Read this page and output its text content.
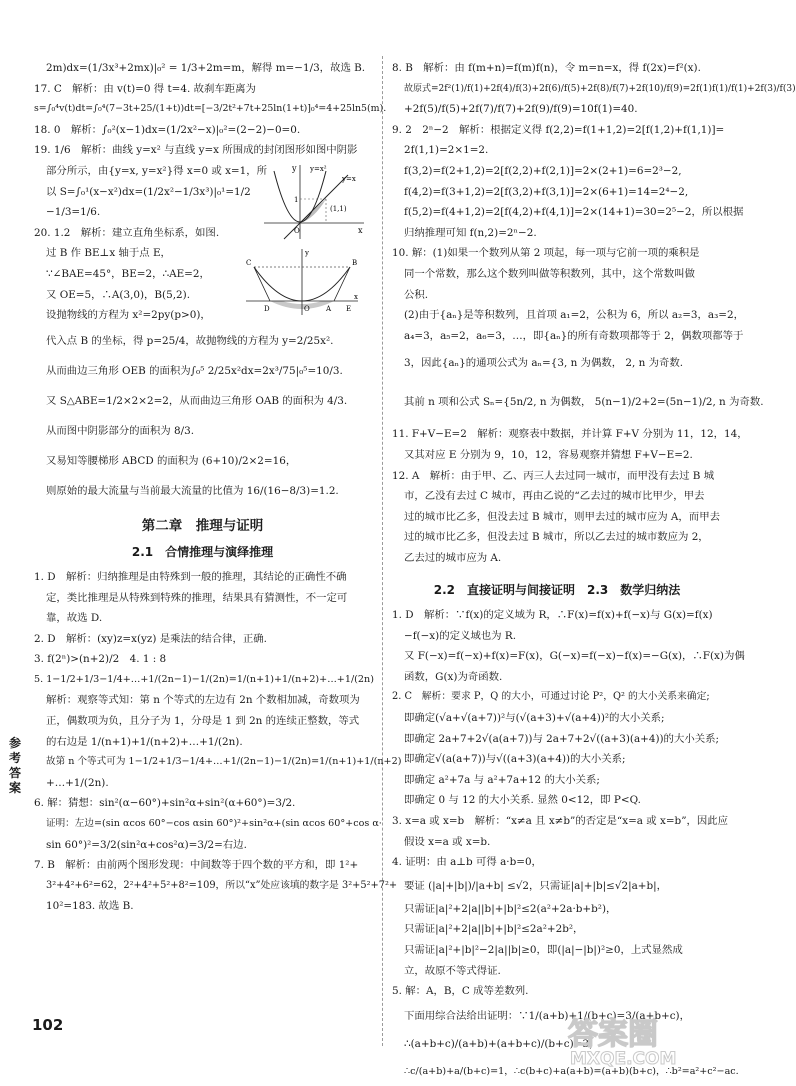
2m)dx=(1/3x³+2mx)|₀² = 1/3+2m=m，解得 m=−1/3，故选 B.

17. C　解析：由 v(t)=0 得 t=4. 故刹车距离为

s=∫₀⁴v(t)dt=∫₀⁴(7−3t+25/(1+t))dt=[−3/2t²+7t+25ln(1+t)]₀⁴=4+25ln5(m).

18. 0　解析：∫₀²(x−1)dx=(1/2x²−x)|₀²=(2−2)−0=0.

19. 1/6　解析：曲线 y=x² 与直线 y=x 所围成的封闭图形如图中阴影

y y=x²
y=x
(1,1)
1
O	x

部分所示，由{y=x, y=x²}得 x=0 或 x=1，所

以 S=∫₀¹(x−x²)dx=(1/2x²−1/3x³)|₀¹=1/2

−1/3=1/6.

20. 1.2　解析：建立直角坐标系，如图.

C	B
A
D	E
O
x
y

过 B 作 BE⊥x 轴于点 E，

∵∠BAE=45°，BE=2，∴AE=2，

又 OE=5，∴A(3,0)，B(5,2).

设抛物线的方程为 x²=2py(p>0)，

代入点 B 的坐标，得 p=25/4，故抛物线的方程为 y=2/25x².

从而曲边三角形 OEB 的面积为∫₀⁵ 2/25x²dx=2x³/75|₀⁵=10/3.

又 S△ABE=1/2×2×2=2，从而曲边三角形 OAB 的面积为 4/3.

从而图中阴影部分的面积为 8/3.

又易知等腰梯形 ABCD 的面积为 (6+10)/2×2=16，

则原始的最大流量与当前最大流量的比值为 16/(16−8/3)=1.2.

第二章　推理与证明
2.1　合情推理与演绎推理

1. D　解析：归纳推理是由特殊到一般的推理，其结论的正确性不确

定，类比推理是从特殊到特殊的推理，结果具有猜测性，不一定可

靠，故选 D.

2. D　解析：(xy)z=x(yz) 是乘法的结合律，正确.

3. f(2ⁿ)>(n+2)/2　4. 1 : 8

5. 1−1/2+1/3−1/4+…+1/(2n−1)−1/(2n)=1/(n+1)+1/(n+2)+…+1/(2n)

解析：观察等式知：第 n 个等式的左边有 2n 个数相加减，奇数项为

正，偶数项为负，且分子为 1，分母是 1 到 2n 的连续正整数，等式

的右边是 1/(n+1)+1/(n+2)+…+1/(2n).

故第 n 个等式可为 1−1/2+1/3−1/4+…+1/(2n−1)−1/(2n)=1/(n+1)+1/(n+2)

+…+1/(2n).

6. 解：猜想：sin²(α−60°)+sin²α+sin²(α+60°)=3/2.

证明：左边=(sin αcos 60°−cos αsin 60°)²+sin²α+(sin αcos 60°+cos α·

sin 60°)²=3/2(sin²α+cos²α)=3/2=右边.

7. B　解析：由前两个图形发现：中间数等于四个数的平方和，即 1²+

3²+4²+6²=62，2²+4²+5²+8²=109，所以“x”处应该填的数字是 3²+5²+7²+

10²=183. 故选 B.

8. B　解析：由 f(m+n)=f(m)f(n)，令 m=n=x，得 f(2x)=f²(x).

故原式=2f²(1)/f(1)+2f(4)/f(3)+2f(6)/f(5)+2f(8)/f(7)+2f(10)/f(9)=2f(1)f(1)/f(1)+2f(3)/f(3)

+2f(5)/f(5)+2f(7)/f(7)+2f(9)/f(9)=10f(1)=40.

9. 2　2ⁿ−2　解析：根据定义得 f(2,2)=f(1+1,2)=2[f(1,2)+f(1,1)]=

2f(1,1)=2×1=2.

f(3,2)=f(2+1,2)=2[f(2,2)+f(2,1)]=2×(2+1)=6=2³−2,

f(4,2)=f(3+1,2)=2[f(3,2)+f(3,1)]=2×(6+1)=14=2⁴−2,

f(5,2)=f(4+1,2)=2[f(4,2)+f(4,1)]=2×(14+1)=30=2⁵−2，所以根据

归纳推理可知 f(n,2)=2ⁿ−2.

10. 解：(1)如果一个数列从第 2 项起，每一项与它前一项的乘积是

同一个常数，那么这个数列叫做等积数列，其中，这个常数叫做

公积.

(2)由于{aₙ}是等积数列，且首项 a₁=2，公积为 6，所以 a₂=3，a₃=2，

a₄=3，a₅=2，a₆=3，…，即{aₙ}的所有奇数项都等于 2，偶数项都等于

3，因此{aₙ}的通项公式为 aₙ={3, n 为偶数， 2, n 为奇数.

其前 n 项和公式 Sₙ={5n/2, n 为偶数， 5(n−1)/2+2=(5n−1)/2, n 为奇数.

11. F+V−E=2　解析：观察表中数据，并计算 F+V 分别为 11，12，14，

又其对应 E 分别为 9，10，12，容易观察并猜想 F+V−E=2.

12. A　解析：由于甲、乙、丙三人去过同一城市，而甲没有去过 B 城

市，乙没有去过 C 城市，再由乙说的“乙去过的城市比甲少，甲去

过的城市比乙多，但没去过 B 城市，则甲去过的城市应为 A，而甲去

过的城市比乙多，但没去过 B 城市，所以乙去过的城市数应为 2，

乙去过的城市应为 A.

2.2　直接证明与间接证明　2.3　数学归纳法

1. D　解析：∵f(x)的定义域为 R，∴F(x)=f(x)+f(−x)与 G(x)=f(x)

−f(−x)的定义域也为 R.

又 F(−x)=f(−x)+f(x)=F(x)，G(−x)=f(−x)−f(x)=−G(x)，∴F(x)为偶

函数，G(x)为奇函数.

2. C　解析：要求 P，Q 的大小，可通过讨论 P²，Q² 的大小关系来确定;

即确定(√a+√(a+7))²与(√(a+3)+√(a+4))²的大小关系;

即确定 2a+7+2√(a(a+7))与 2a+7+2√((a+3)(a+4))的大小关系;

即确定√(a(a+7))与√((a+3)(a+4))的大小关系;

即确定 a²+7a 与 a²+7a+12 的大小关系;

即确定 0 与 12 的大小关系. 显然 0<12，即 P<Q.

3. x=a 或 x=b　解析：“x≠a 且 x≠b”的否定是“x=a 或 x=b”，因此应

假设 x=a 或 x=b.

4. 证明：由 a⊥b 可得 a·b=0，

要证 (|a|+|b|)/|a+b| ≤√2，只需证|a|+|b|≤√2|a+b|，

只需证|a|²+2|a||b|+|b|²≤2(a²+2a·b+b²)，

只需证|a|²+2|a||b|+|b|²≤2a²+2b²，

只需证|a|²+|b|²−2|a||b|≥0，即(|a|−|b|)²≥0，上式显然成

立，故原不等式得证.

5. 解：A，B，C 成等差数列.

下面用综合法给出证明：∵1/(a+b)+1/(b+c)=3/(a+b+c)，

∴(a+b+c)/(a+b)+(a+b+c)/(b+c)=3，

∴c/(a+b)+a/(b+c)=1，∴c(b+c)+a(a+b)=(a+b)(b+c)，∴b²=a²+c²−ac.

参
考
答
案
102	答案圈
MXQE.COM
